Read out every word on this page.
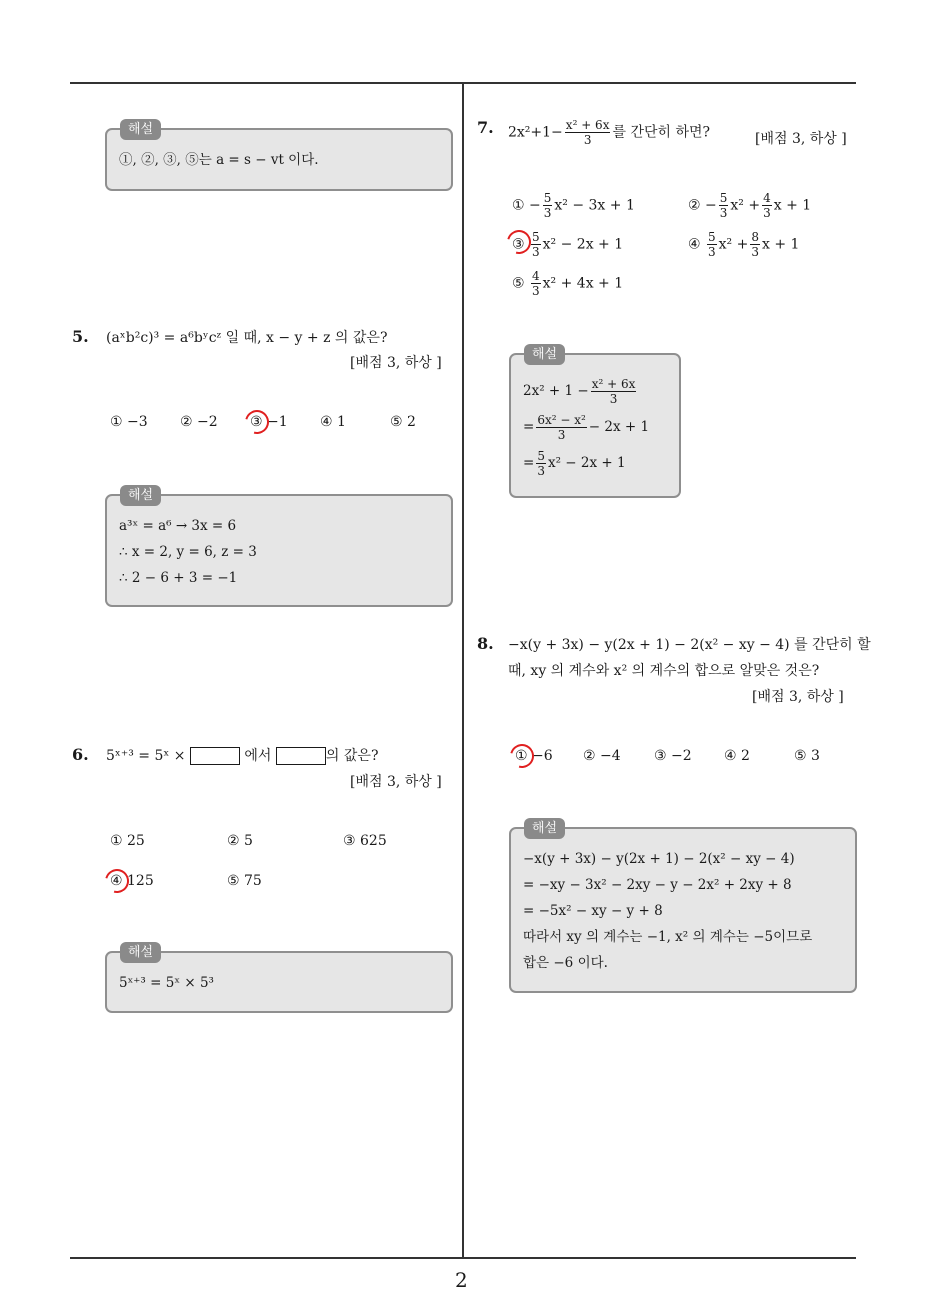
해설
①, ②, ③, ⑤는 a = s − vt 이다.
5. (aˣb²c)³ = a⁶bʸcᶻ 일 때, x − y + z 의 값은?
[배점 3, 하상 ]
① −3 ② −2 ③ −1 ④ 1	⑤ 2
해설
a³ˣ = a⁶ → 3x = 6
∴ x = 2, y = 6, z = 3
∴ 2 − 6 + 3 = −1
6. 5ˣ⁺³ = 5ˣ ×	에서	의 값은?
[배점 3, 하상 ]
① 25	② 5	③ 625
④ 125	⑤ 75
해설
5ˣ⁺³ = 5ˣ × 5³
7. $2x^2+1- \frac{\text{x² + 6x}}{3}$ 를 간단히 하면?	[배점 3, 하상 ]
① − $\frac{5}{3} x^2 - 3x + 1$	② − $\frac{5}{3} x^2 + \frac{4}{3}$ x + 1
③ $\frac{5}{3} x^2 - 2x + 1$	④ $\frac{5}{3} x^2 + \frac{8}{3}$ x + 1
⑤ $\frac{4}{3} x^2 + 4x + 1$
해설
$2x^2 + 1 - \frac{\text{x² + 6x}}{3}$
= $\frac{\text{6x² − x²}}{3} - 2x + 1$
= $\frac{5}{3} x^2 - 2x + 1$
8. −x(y + 3x) − y(2x + 1) − 2(x² − xy − 4) 를 간단히 할
때, xy 의 계수와 x² 의 계수의 합으로 알맞은 것은?
[배점 3, 하상 ]
① −6 ② −4 ③ −2 ④ 2	⑤ 3
해설
−x(y + 3x) − y(2x + 1) − 2(x² − xy − 4)
= −xy − 3x² − 2xy − y − 2x² + 2xy + 8
= −5x² − xy − y + 8
따라서 xy 의 계수는 −1, x² 의 계수는 −5이므로
합은 −6 이다.
2
